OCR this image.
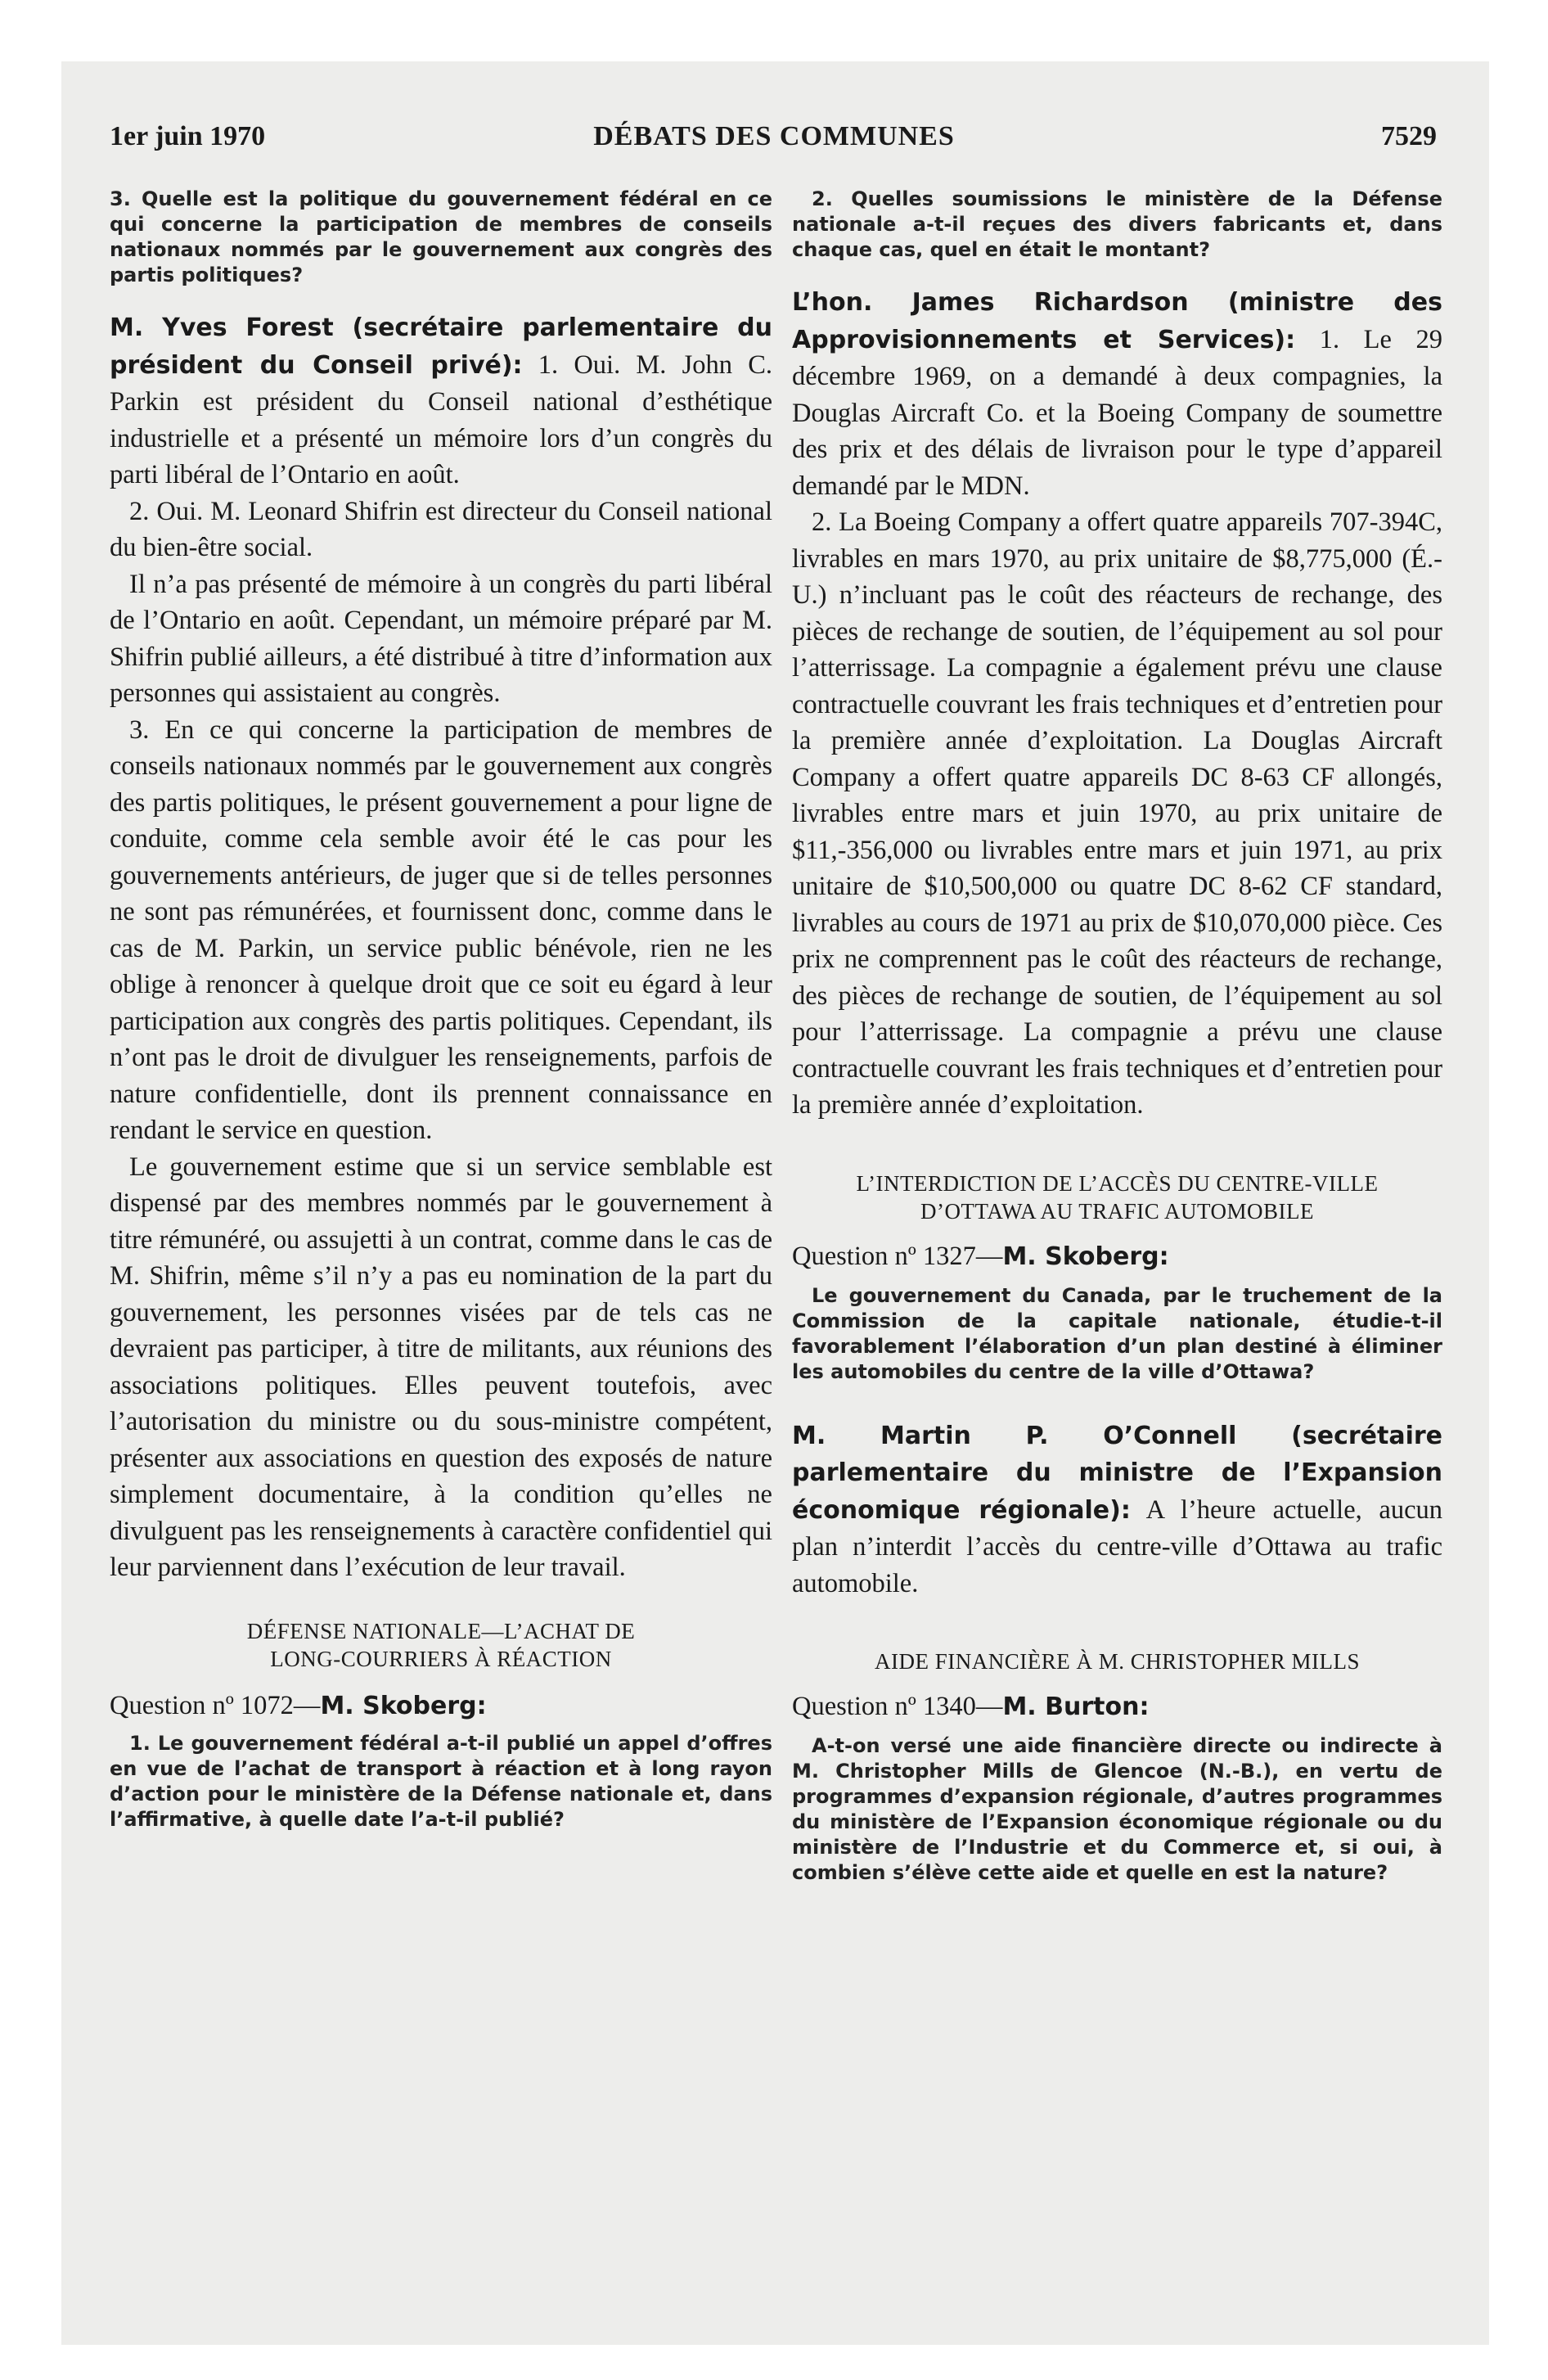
1er juin 1970	DÉBATS DES COMMUNES	7529

3. Quelle est la politique du gouvernement fédéral en ce qui concerne la participation de membres de conseils nationaux nommés par le gouvernement aux congrès des partis politiques?

M. Yves Forest (secrétaire parlementaire du président du Conseil privé): 1. Oui. M. John C. Parkin est président du Conseil national d’esthétique industrielle et a présenté un mémoire lors d’un congrès du parti libéral de l’Ontario en août.

2. Oui. M. Leonard Shifrin est directeur du Conseil national du bien-être social.

Il n’a pas présenté de mémoire à un congrès du parti libéral de l’Ontario en août. Cependant, un mémoire préparé par M. Shifrin publié ailleurs, a été distribué à titre d’information aux personnes qui assistaient au congrès.

3. En ce qui concerne la participation de membres de conseils nationaux nommés par le gouvernement aux congrès des partis politiques, le présent gouvernement a pour ligne de conduite, comme cela semble avoir été le cas pour les gouvernements antérieurs, de juger que si de telles personnes ne sont pas rémunérées, et fournissent donc, comme dans le cas de M. Parkin, un service public bénévole, rien ne les oblige à renoncer à quelque droit que ce soit eu égard à leur participation aux congrès des partis politiques. Cependant, ils n’ont pas le droit de divulguer les renseignements, parfois de nature confidentielle, dont ils prennent connaissance en rendant le service en question.

Le gouvernement estime que si un service semblable est dispensé par des membres nommés par le gouvernement à titre rémunéré, ou assujetti à un contrat, comme dans le cas de M. Shifrin, même s’il n’y a pas eu nomination de la part du gouvernement, les personnes visées par de tels cas ne devraient pas participer, à titre de militants, aux réunions des associations politiques. Elles peuvent toutefois, avec l’autorisation du ministre ou du sous-ministre compétent, présenter aux associations en question des exposés de nature simplement documentaire, à la condition qu’elles ne divulguent pas les renseignements à caractère confidentiel qui leur parviennent dans l’exécution de leur travail.

DÉFENSE NATIONALE—L’ACHAT DE
LONG-COURRIERS À RÉACTION

Question nº 1072—M. Skoberg:

1. Le gouvernement fédéral a-t-il publié un appel d’offres en vue de l’achat de transport à réaction et à long rayon d’action pour le ministère de la Défense nationale et, dans l’affirmative, à quelle date l’a-t-il publié?

2. Quelles soumissions le ministère de la Défense nationale a-t-il reçues des divers fabricants et, dans chaque cas, quel en était le montant?

L’hon. James Richardson (ministre des Approvisionnements et Services): 1. Le 29 décembre 1969, on a demandé à deux compagnies, la Douglas Aircraft Co. et la Boeing Company de soumettre des prix et des délais de livraison pour le type d’appareil demandé par le MDN.

2. La Boeing Company a offert quatre appareils 707-394C, livrables en mars 1970, au prix unitaire de $8,775,000 (É.-U.) n’incluant pas le coût des réacteurs de rechange, des pièces de rechange de soutien, de l’équipement au sol pour l’atterrissage. La compagnie a également prévu une clause contractuelle couvrant les frais techniques et d’entretien pour la première année d’exploitation. La Douglas Aircraft Company a offert quatre appareils DC 8-63 CF allongés, livrables entre mars et juin 1970, au prix unitaire de $11,-356,000 ou livrables entre mars et juin 1971, au prix unitaire de $10,500,000 ou quatre DC 8-62 CF standard, livrables au cours de 1971 au prix de $10,070,000 pièce. Ces prix ne comprennent pas le coût des réacteurs de rechange, des pièces de rechange de soutien, de l’équipement au sol pour l’atterrissage. La compagnie a prévu une clause contractuelle couvrant les frais techniques et d’entretien pour la première année d’exploitation.

L’INTERDICTION DE L’ACCÈS DU CENTRE-VILLE
D’OTTAWA AU TRAFIC AUTOMOBILE

Question nº 1327—M. Skoberg:

Le gouvernement du Canada, par le truchement de la Commission de la capitale nationale, étudie-t-il favorablement l’élaboration d’un plan destiné à éliminer les automobiles du centre de la ville d’Ottawa?

M. Martin P. O’Connell (secrétaire parlementaire du ministre de l’Expansion économique régionale): A l’heure actuelle, aucun plan n’interdit l’accès du centre-ville d’Ottawa au trafic automobile.

AIDE FINANCIÈRE À M. CHRISTOPHER MILLS

Question nº 1340—M. Burton:

A-t-on versé une aide financière directe ou indirecte à M. Christopher Mills de Glencoe (N.-B.), en vertu de programmes d’expansion régionale, d’autres programmes du ministère de l’Expansion économique régionale ou du ministère de l’Industrie et du Commerce et, si oui, à combien s’élève cette aide et quelle en est la nature?
